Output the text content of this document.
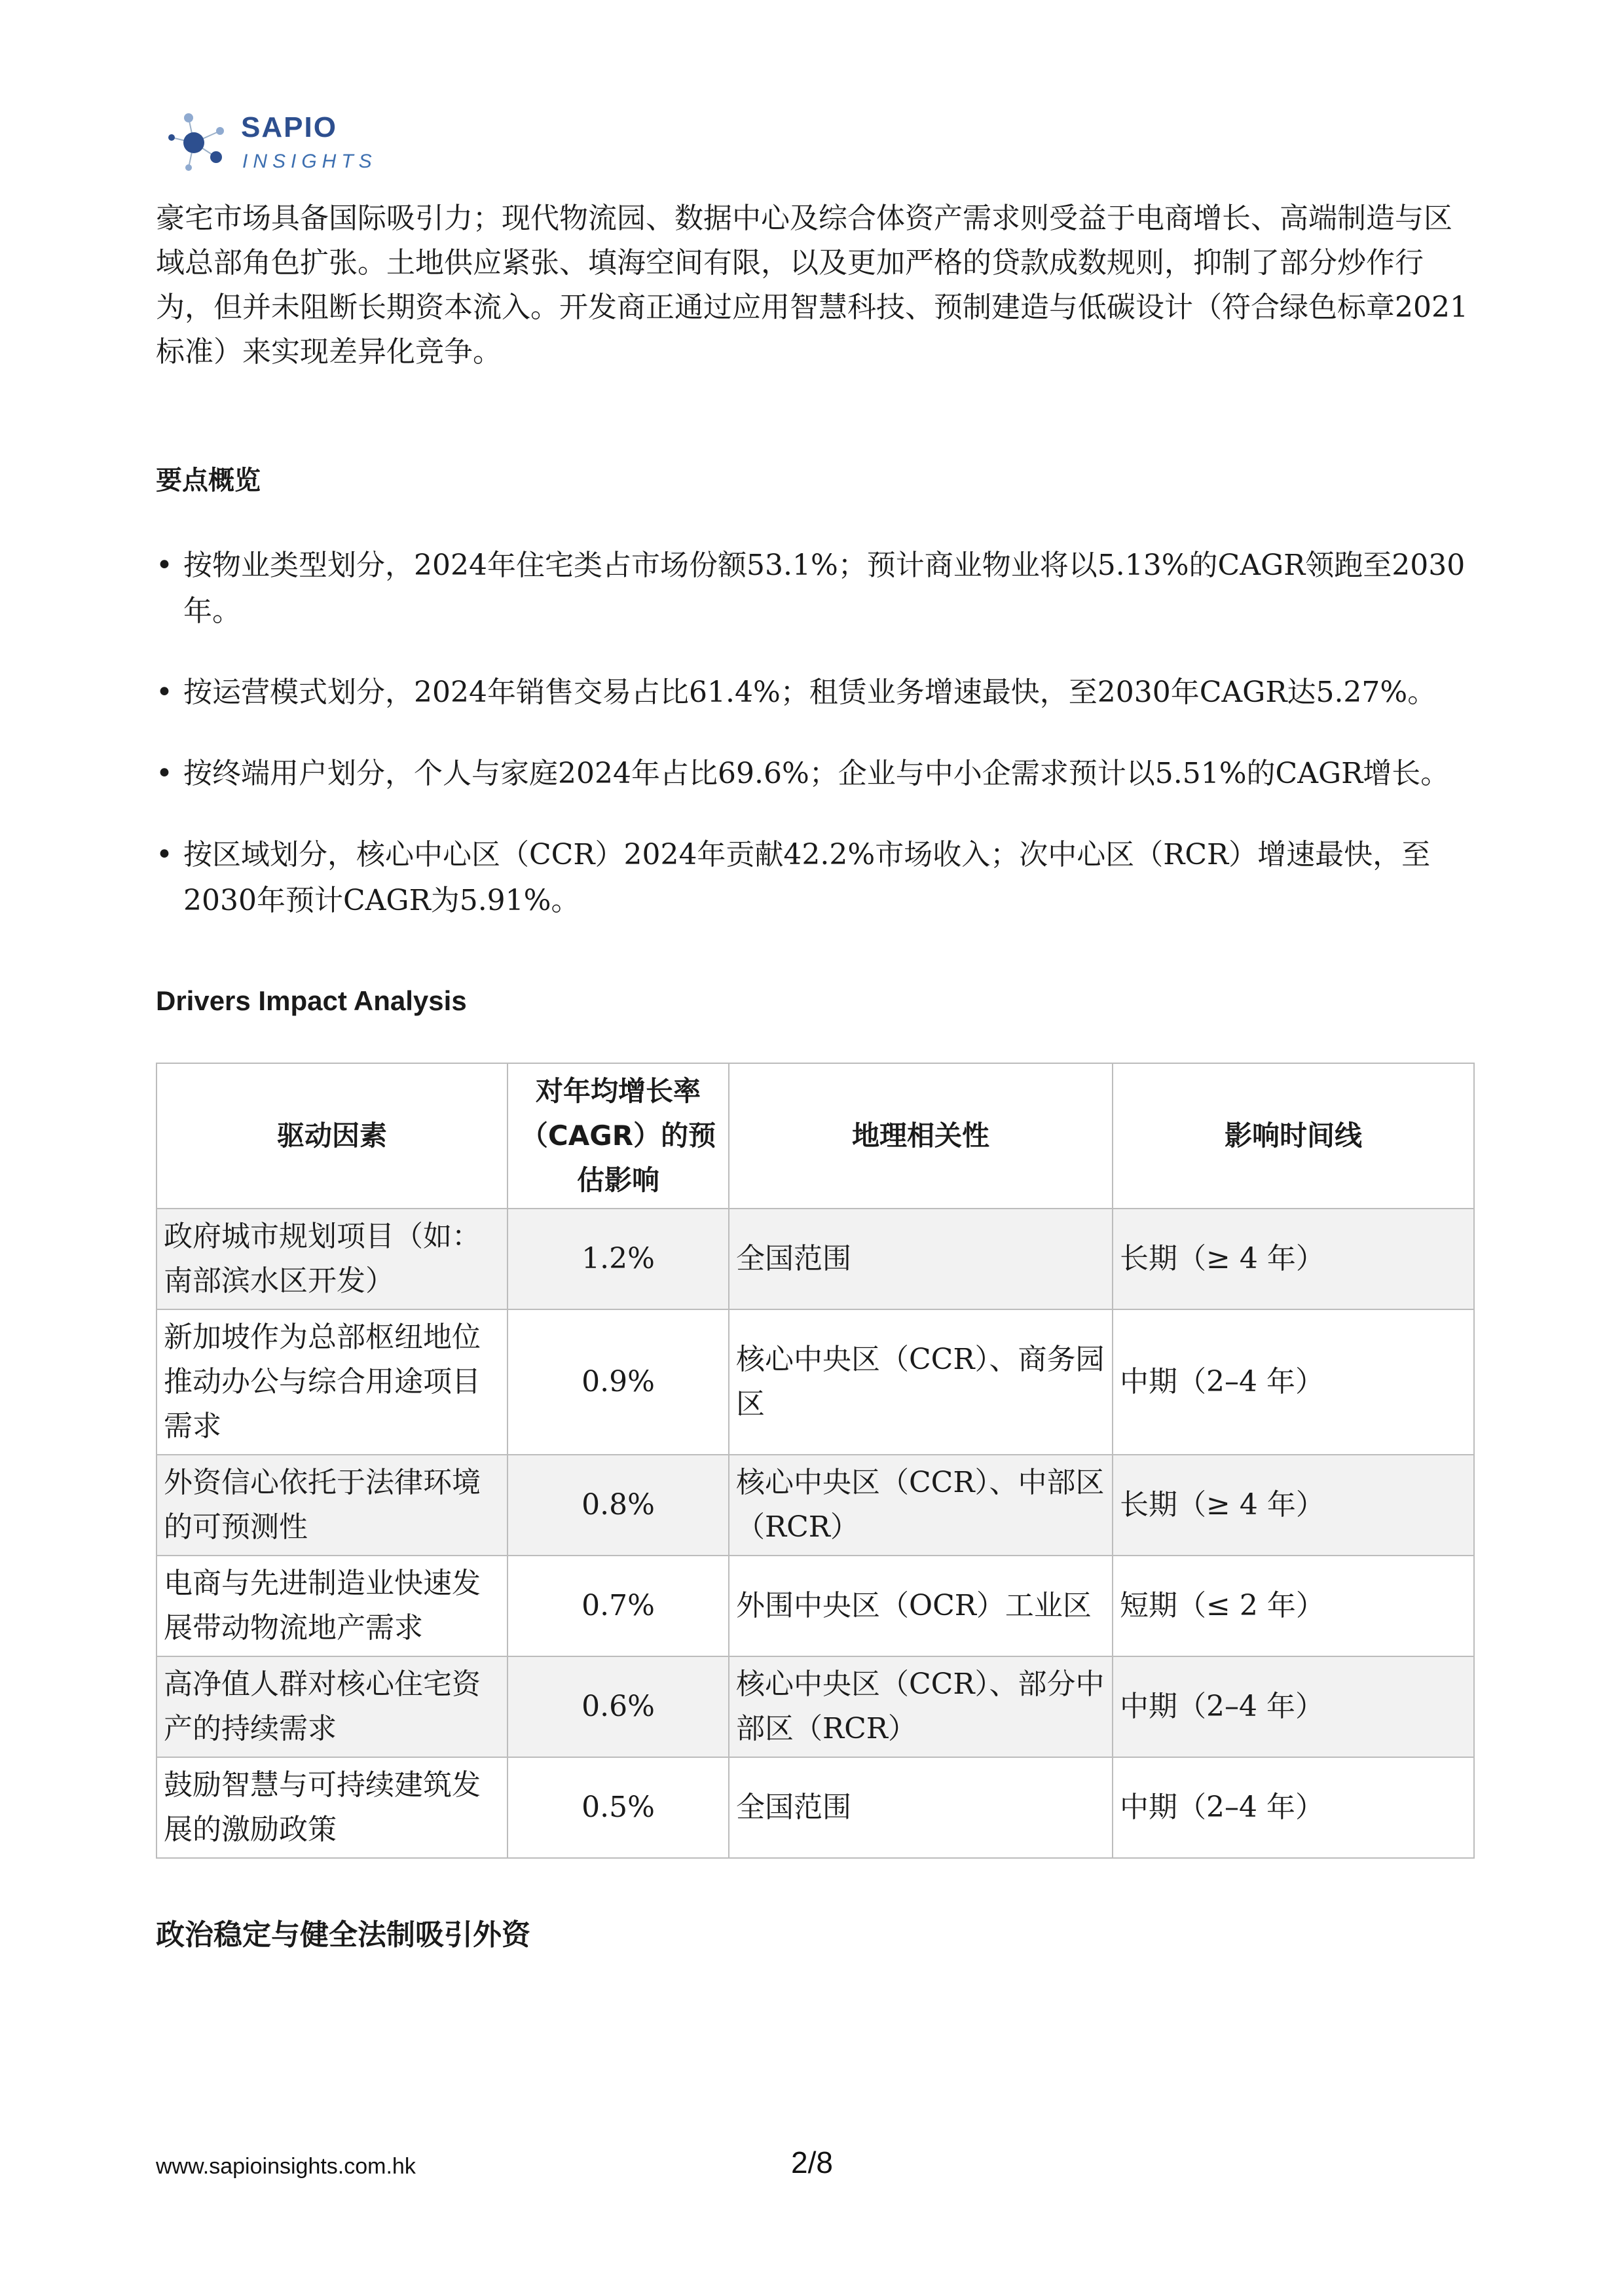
SAPIO
INSIGHTS

豪宅市场具备国际吸引力；现代物流园、数据中心及综合体资产需求则受益于电商增长、高端制造与区域总部角色扩张。土地供应紧张、填海空间有限，以及更加严格的贷款成数规则，抑制了部分炒作行为，但并未阻断长期资本流入。开发商正通过应用智慧科技、预制建造与低碳设计（符合绿色标章2021标准）来实现差异化竞争。

要点概览
• 按物业类型划分，2024年住宅类占市场份额53.1%；预计商业物业将以5.13%的CAGR领跑至2030年。
• 按运营模式划分，2024年销售交易占比61.4%；租赁业务增速最快，至2030年CAGR达5.27%。
• 按终端用户划分，个人与家庭2024年占比69.6%；企业与中小企需求预计以5.51%的CAGR增长。
• 按区域划分，核心中心区（CCR）2024年贡献42.2%市场收入；次中心区（RCR）增速最快，至2030年预计CAGR为5.91%。
Drivers Impact Analysis
驱动因素	对年均增长率（CAGR）的预估影响	地理相关性	影响时间线
政府城市规划项目（如：南部滨水区开发）	1.2%	全国范围	长期（≥ 4 年）
新加坡作为总部枢纽地位推动办公与综合用途项目需求	0.9%	核心中央区（CCR）、商务园区	中期（2–4 年）
外资信心依托于法律环境的可预测性	0.8%	核心中央区（CCR）、中部区（RCR）	长期（≥ 4 年）
电商与先进制造业快速发展带动物流地产需求	0.7%	外围中央区（OCR）工业区	短期（≤ 2 年）
高净值人群对核心住宅资产的持续需求	0.6%	核心中央区（CCR）、部分中部区（RCR）	中期（2–4 年）
鼓励智慧与可持续建筑发展的激励政策	0.5%	全国范围	中期（2–4 年）
政治稳定与健全法制吸引外资
www.sapioinsights.com.hk	2/8
